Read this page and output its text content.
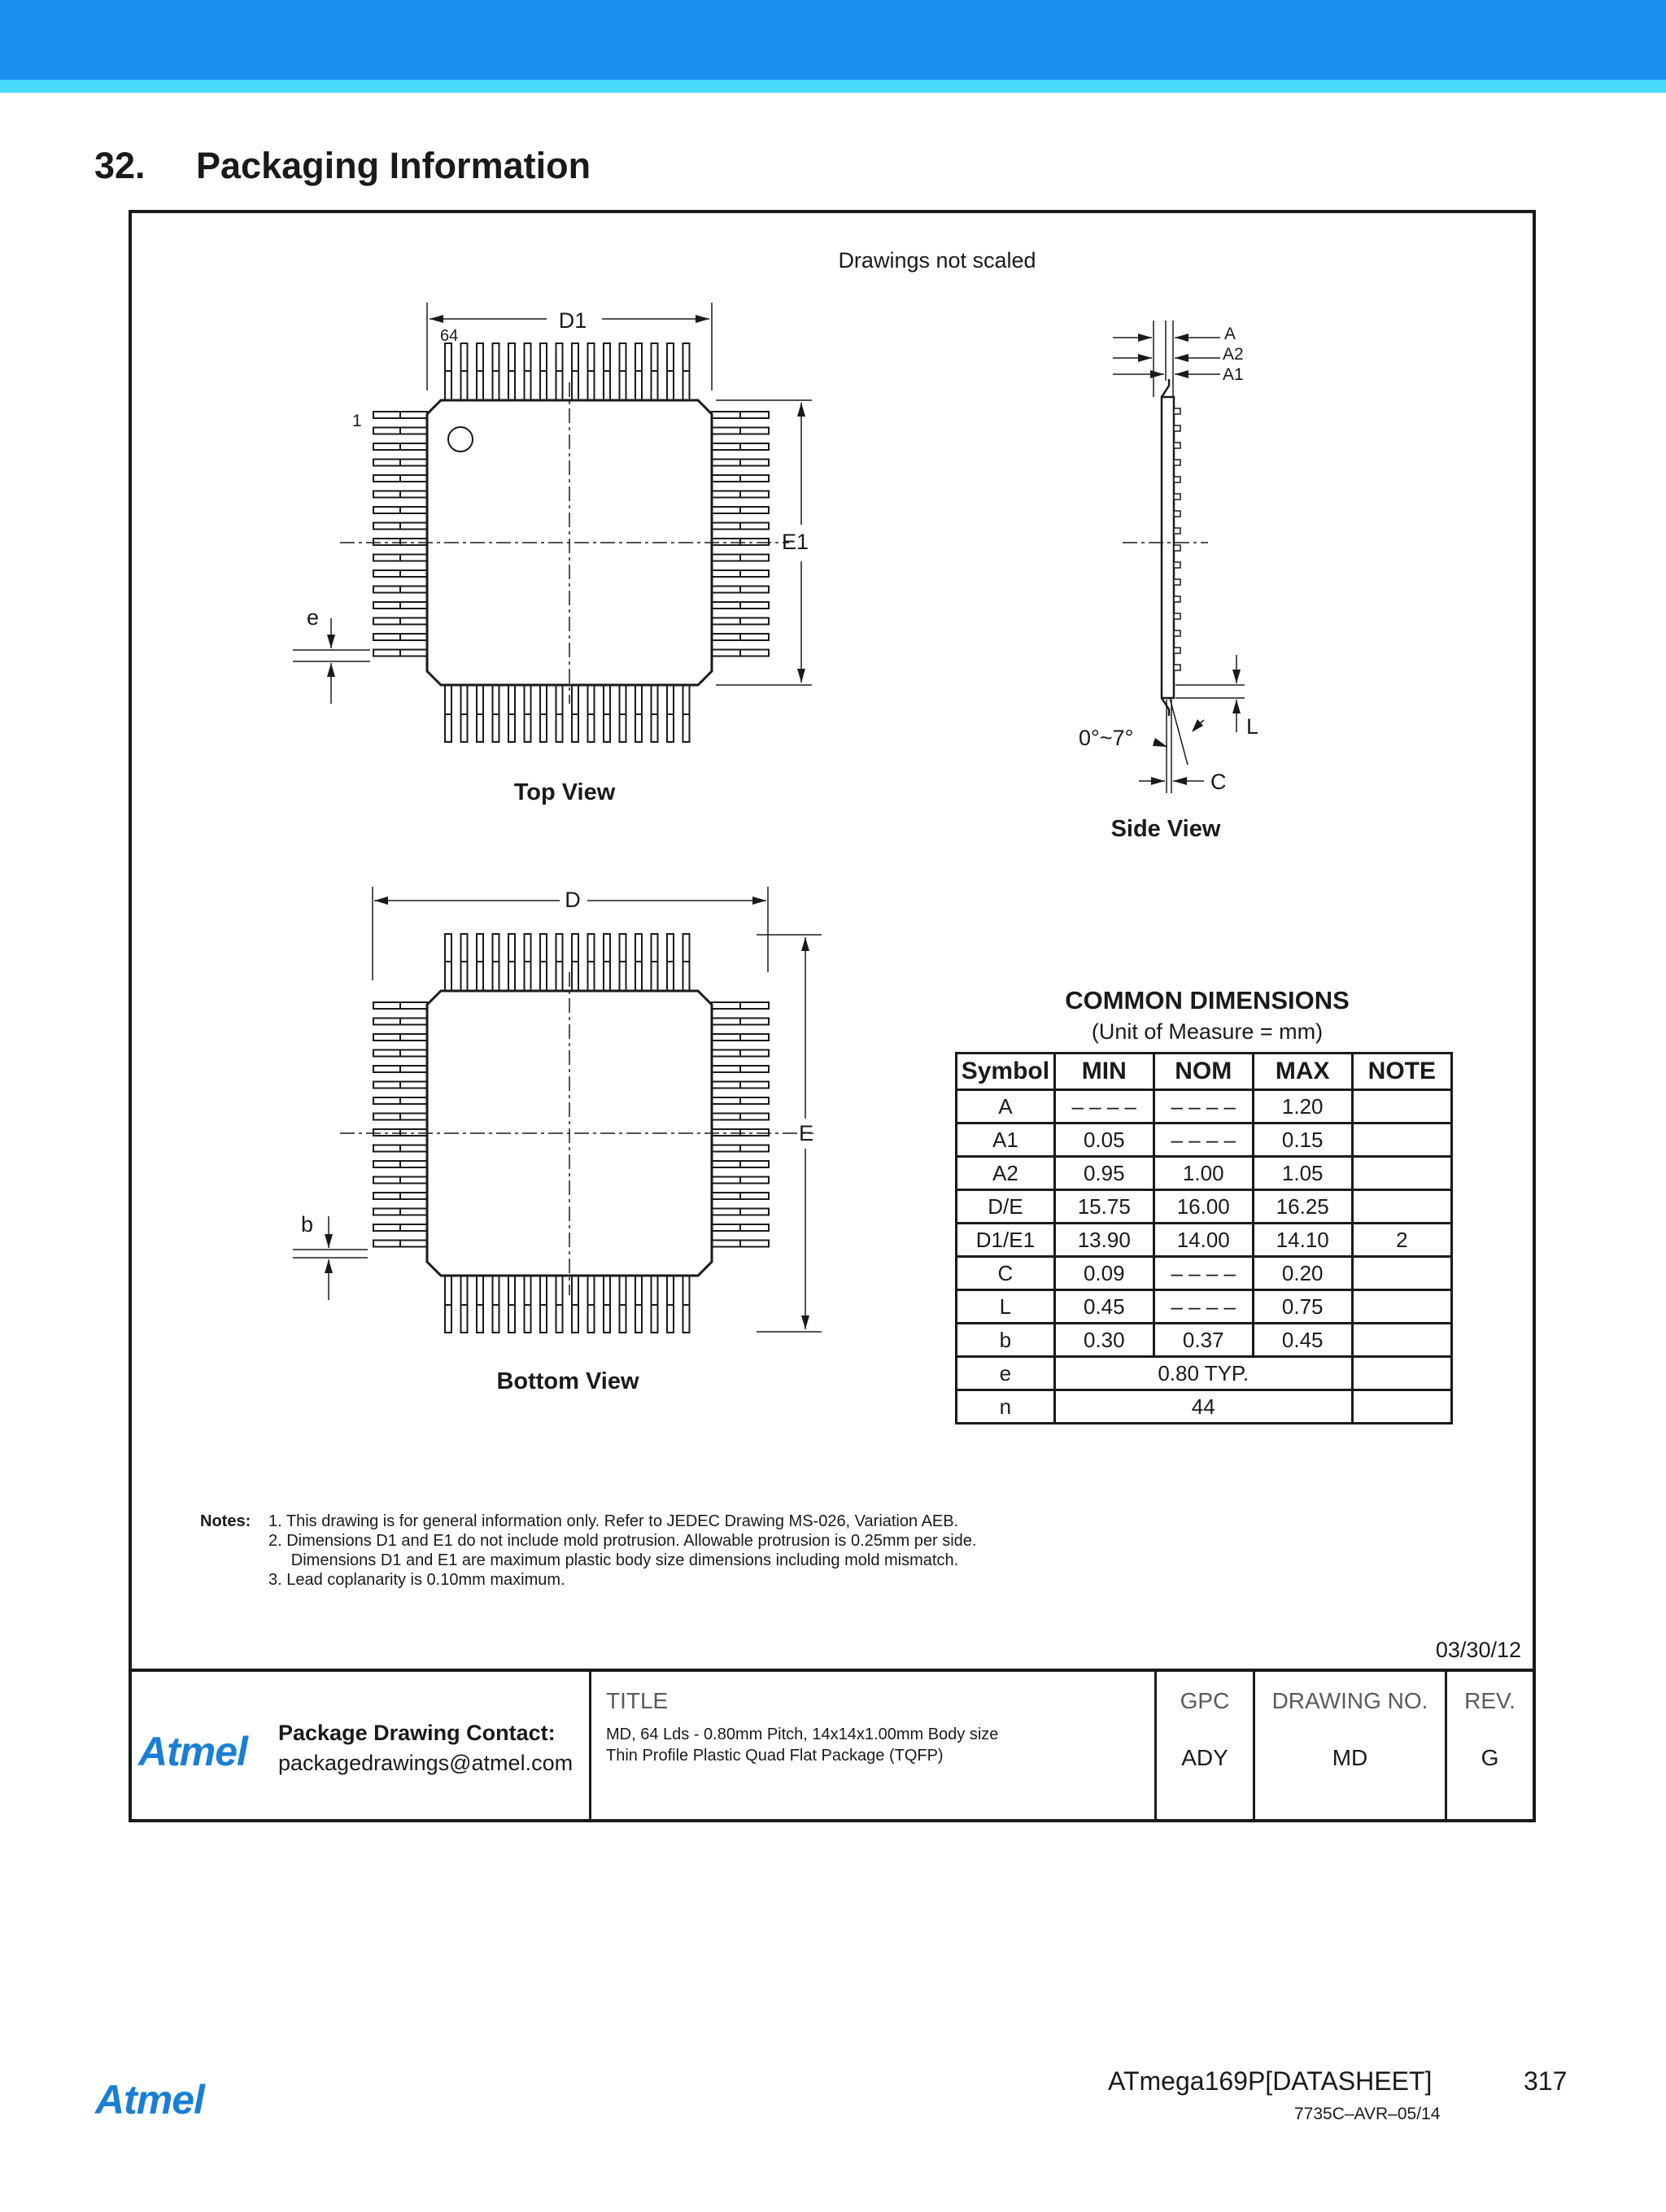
32. Packaging Information
Drawings not scaled
D1
64
1
E1
e
Top View
A
A2
A1
L
0°~7°
C
Side View
D
E
b
Bottom View
COMMON DIMENSIONS
(Unit of Measure = mm)
Symbol	MIN	NOM	MAX	NOTE
A	– – – –	– – – –	1.20	
A1	0.05	– – – –	0.15	
A2	0.95	1.00	1.05	
D/E	15.75	16.00	16.25	
D1/E1	13.90	14.00	14.10	2
C	0.09	– – – –	0.20	
L	0.45	– – – –	0.75	
b	0.30	0.37	0.45	
e	0.80 TYP.			
n	44			
Notes: 1. This drawing is for general information only. Refer to JEDEC Drawing MS-026, Variation AEB.
2. Dimensions D1 and E1 do not include mold protrusion. Allowable protrusion is 0.25mm per side.
Dimensions D1 and E1 are maximum plastic body size dimensions including mold mismatch.
3. Lead coplanarity is 0.10mm maximum.
03/30/12
TITLE	GPC
ADY
DRAWING NO.
MD
REV.
G
Atmel Package Drawing Contact:
packagedrawings@atmel.com
MD, 64 Lds - 0.80mm Pitch, 14x14x1.00mm Body size
Thin Profile Plastic Quad Flat Package (TQFP)
Atmel	ATmega169P[DATASHEET]	317
7735C–AVR–05/14
